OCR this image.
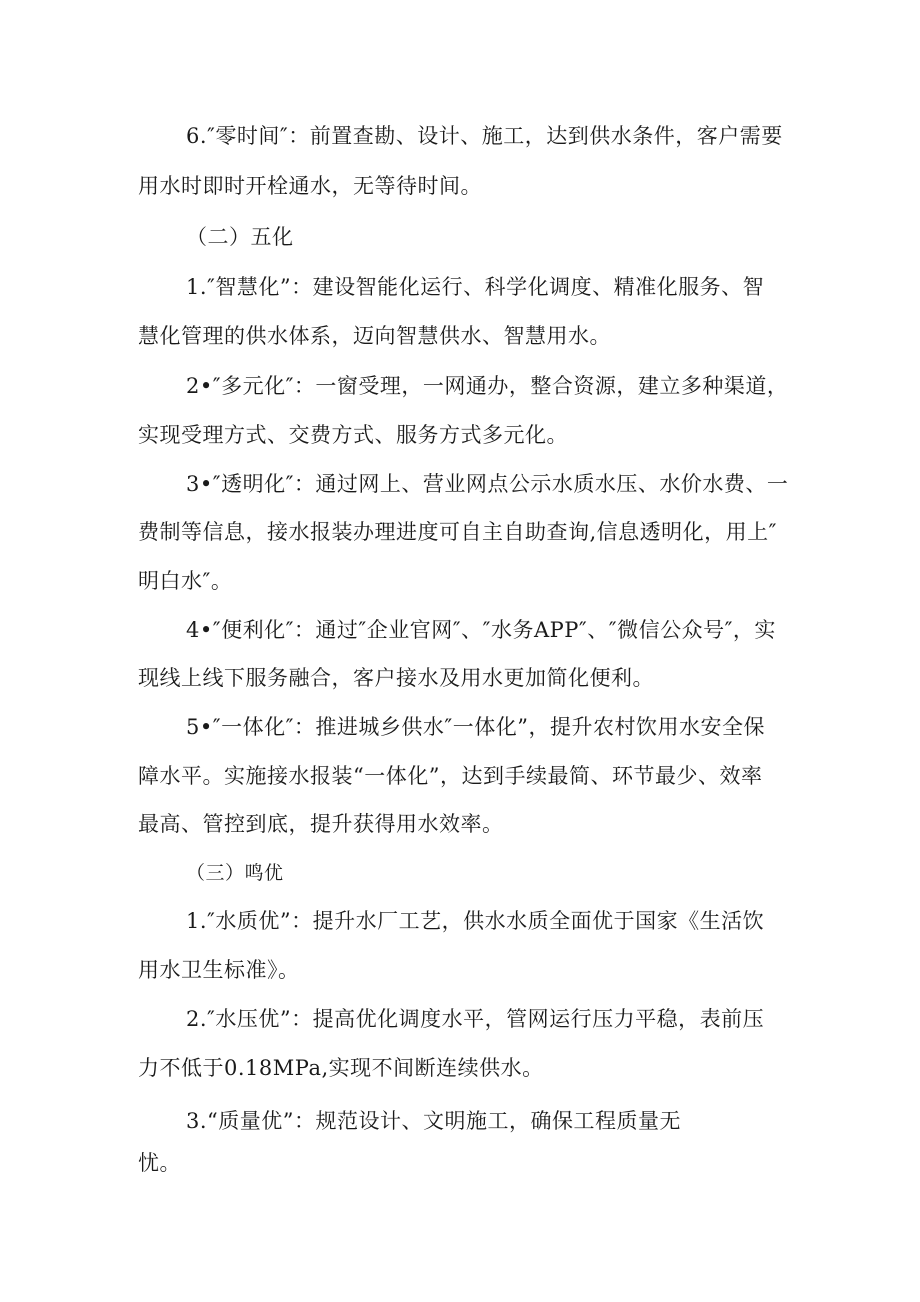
6.″零时间″：前置查勘、设计、施工，达到供水条件，客户需要
用水时即时开栓通水，无等待时间。
（二）五化
1.″智慧化”：建设智能化运行、科学化调度、精准化服务、智
慧化管理的供水体系，迈向智慧供水、智慧用水。
2•″多元化″：一窗受理，一网通办，整合资源，建立多种渠道，
实现受理方式、交费方式、服务方式多元化。
3•″透明化″：通过网上、营业网点公示水质水压、水价水费、一
费制等信息，接水报装办理进度可自主自助查询,信息透明化，用上″
明白水″。
4•″便利化″：通过″企业官网″、″水务APP″、″微信公众号″，实
现线上线下服务融合，客户接水及用水更加简化便利。
5•″一体化″：推进城乡供水″一体化”，提升农村饮用水安全保
障水平。实施接水报装“一体化”，达到手续最简、环节最少、效率
最高、管控到底，提升获得用水效率。
（三）鸣优
1.″水质优”：提升水厂工艺，供水水质全面优于国家《生活饮
用水卫生标准》。
2.″水压优”：提高优化调度水平，管网运行压力平稳，表前压
力不低于0.18MPa,实现不间断连续供水。
3.“质量优”：规范设计、文明施工，确保工程质量无
忧。
